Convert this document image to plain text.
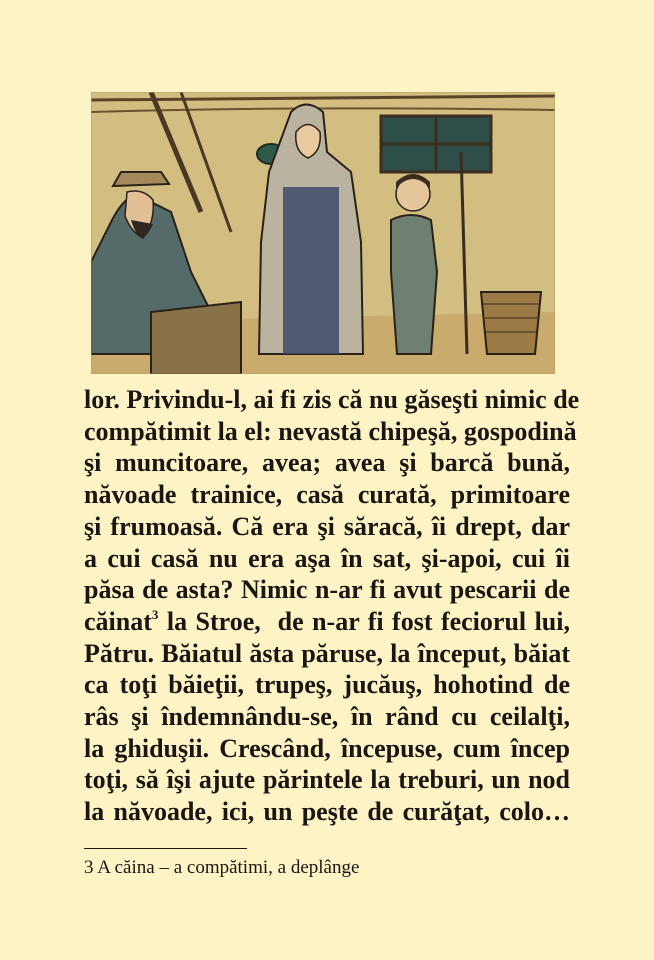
lor. Privindu-l, ai fi zis că nu găseşti nimic de
compătimit la el: nevastă chipeşă, gospodină
şi muncitoare, avea; avea şi barcă bună,
năvoade trainice, casă curată, primitoare
şi frumoasă. Că era şi săracă, îi drept, dar
a cui casă nu era aşa în sat, şi-apoi, cui îi
păsa de asta? Nimic n-ar fi avut pescarii de
căinat$^3$ la Stroe,  de n-ar fi fost feciorul lui,
Pătru. Băiatul ăsta păruse, la început, băiat
ca toţi băieţii, trupeş, jucăuş, hohotind de
râs şi îndemnându-se, în rând cu ceilalţi,
la ghiduşii. Crescând, începuse, cum încep
toţi, să îşi ajute părintele la treburi, un nod
la năvoade, ici, un peşte de curăţat, colo…
3 A căina – a compătimi, a deplânge
